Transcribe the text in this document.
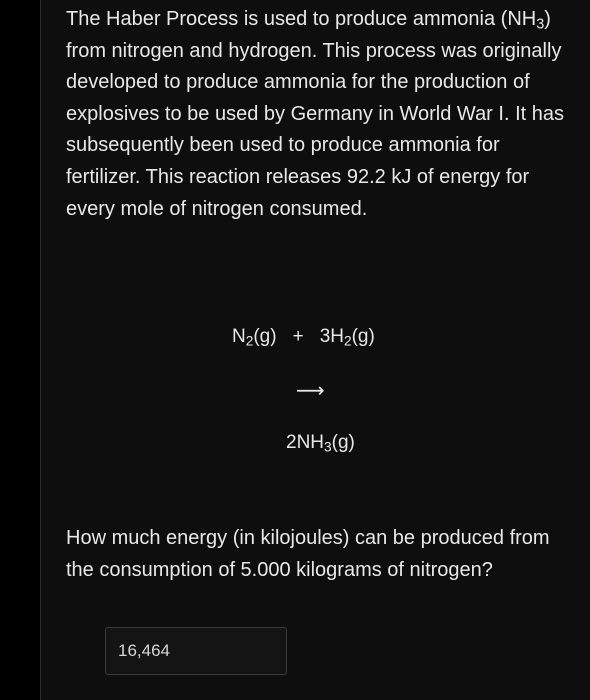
The Haber Process is used to produce ammonia $(NH_3)$ from nitrogen and hydrogen. This process was originally developed to produce ammonia for the production of explosives to be used by Germany in World War I. It has subsequently been used to produce ammonia for fertilizer. This reaction releases 92.2 kJ of energy for every mole of nitrogen consumed.

$N_2(g) + 3H_2(g)$
⟶
$2NH_3(g)$

How much energy (in kilojoules) can be produced from the consumption of 5.000 kilograms of nitrogen?

16,464
